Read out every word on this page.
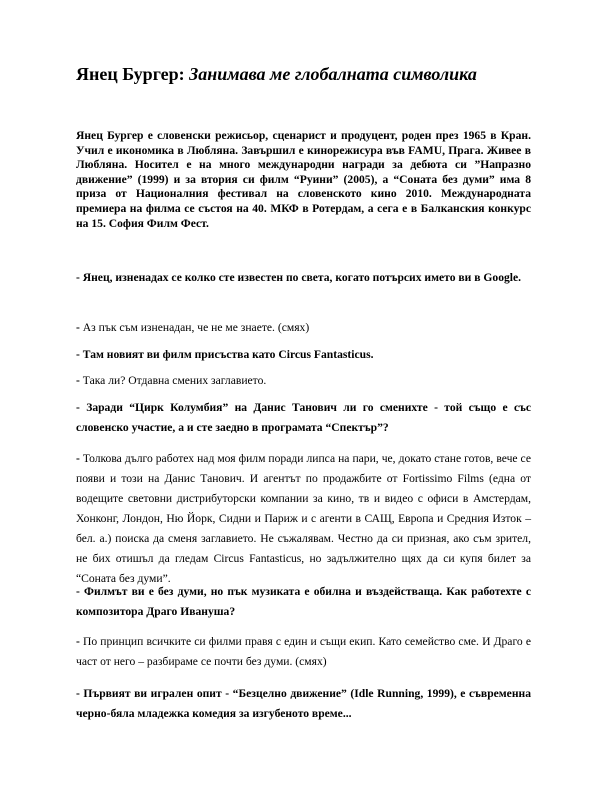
Янец Бургер: Занимава ме глобалната символика
Янец Бургер е словенски режисьор, сценарист и продуцент, роден през 1965 в Кран. Учил е икономика в Любляна. Завършил е кинорежисура във FAMU, Прага. Живее в Любляна. Носител е на много международни награди за дебюта си ”Напразно движение” (1999) и за втория си филм “Руини” (2005), а “Соната без думи” има 8 приза от Националния фестивал на словенското кино 2010. Международната премиера на филма се състоя на 40. МКФ в Ротердам, а сега е в Балканския конкурс на 15. София Филм Фест.

- Янец, изненадах се колко сте известен по света, когато потърсих името ви в Google.

- Аз пък съм изненадан, че не ме знаете. (смях)

- Там новият ви филм присъства като Circus Fantasticus.

- Така ли? Отдавна смених заглавието.

- Заради “Цирк Колумбия” на Данис Танович ли го сменихте - той също е със словенско участие, а и сте заедно в програмата “Спектър”?

- Толкова дълго работех над моя филм поради липса на пари, че, докато стане готов, вече се появи и този на Данис Танович. И агентът по продажбите от Fortissimo Films (една от водещите световни дистрибуторски компании за кино, тв и видео с офиси в Амстердам, Хонконг, Лондон, Ню Йорк, Сидни и Париж и с агенти в САЩ, Европа и Средния Изток – бел. а.) поиска да сменя заглавието. Не съжалявам. Честно да си призная, ако съм зрител, не бих отишъл да гледам Circus Fantasticus, но задължително щях да си купя билет за “Соната без думи”.

- Филмът ви е без думи, но пък музиката е обилна и въздействаща. Как работехте с композитора Драго Ивануша?

- По принцип всичките си филми правя с един и същи екип. Като семейство сме. И Драго е част от него – разбираме се почти без думи. (смях)

- Първият ви игрален опит - “Безцелно движение” (Idle Running, 1999), е съвременна черно-бяла младежка комедия за изгубеното време...
